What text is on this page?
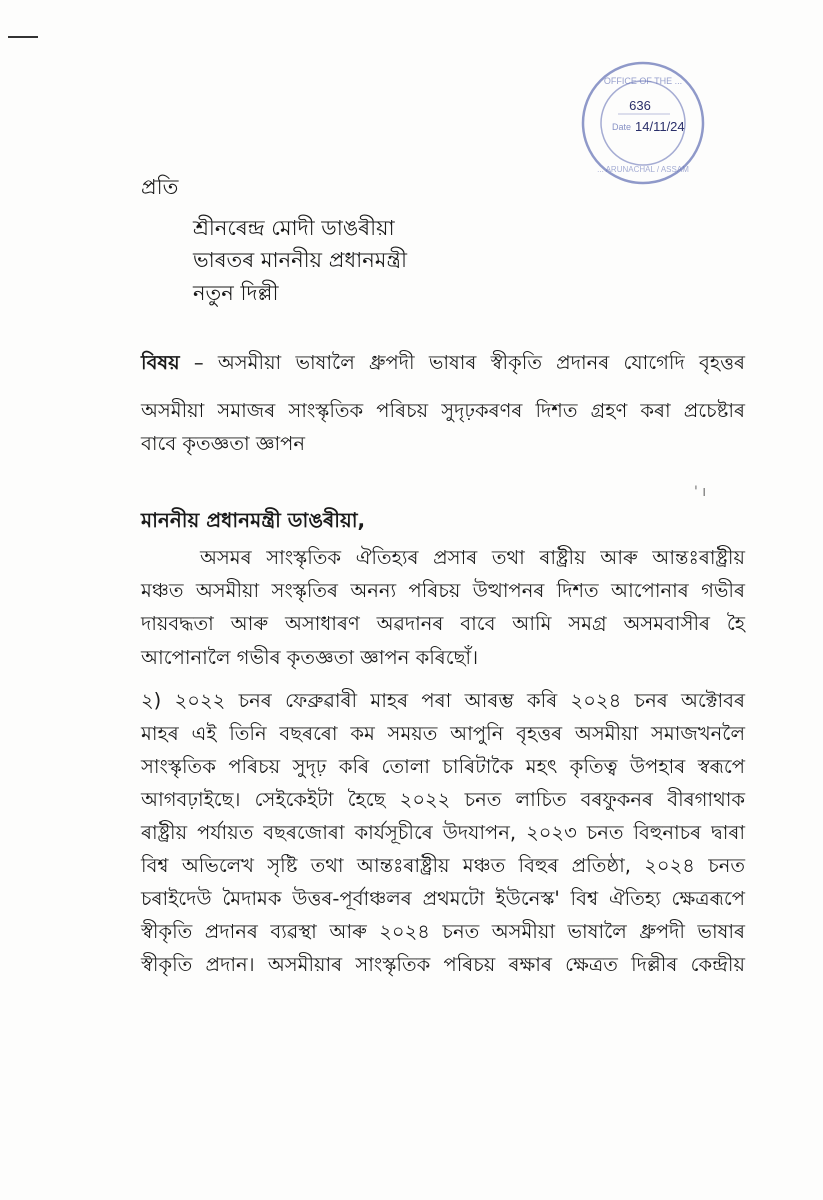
OFFICE OF THE ...
... ARUNACHAL / ASSAM
636
Date 14/11/24
প্ৰতি
শ্ৰীনৰেন্দ্ৰ মোদী ডাঙৰীয়া
ভাৰতৰ মাননীয় প্ৰধানমন্ত্ৰী
নতুন দিল্লী
বিষয় – অসমীয়া ভাষালৈ ধ্ৰুপদী ভাষাৰ স্বীকৃতি প্ৰদানৰ যোগেদি বৃহত্তৰ
অসমীয়া সমাজৰ সাংস্কৃতিক পৰিচয় সুদৃঢ়কৰণৰ দিশত গ্ৰহণ কৰা প্ৰচেষ্টাৰ
বাবে কৃতজ্ঞতা জ্ঞাপন
' ı
মাননীয় প্ৰধানমন্ত্ৰী ডাঙৰীয়া,
অসমৰ সাংস্কৃতিক ঐতিহ্যৰ প্ৰসাৰ তথা ৰাষ্ট্ৰীয় আৰু আন্তঃৰাষ্ট্ৰীয়
মঞ্চত অসমীয়া সংস্কৃতিৰ অনন্য পৰিচয় উত্থাপনৰ দিশত আপোনাৰ গভীৰ
দায়বদ্ধতা আৰু অসাধাৰণ অৱদানৰ বাবে আমি সমগ্ৰ অসমবাসীৰ হৈ
আপোনালৈ গভীৰ কৃতজ্ঞতা জ্ঞাপন কৰিছোঁ।
২) ২০২২ চনৰ ফেব্ৰুৱাৰী মাহৰ পৰা আৰম্ভ কৰি ২০২৪ চনৰ অক্টোবৰ
মাহৰ এই তিনি বছৰৰো কম সময়ত আপুনি বৃহত্তৰ অসমীয়া সমাজখনলৈ
সাংস্কৃতিক পৰিচয় সুদৃঢ় কৰি তোলা চাৰিটাকৈ মহৎ কৃতিত্ব উপহাৰ স্বৰূপে
আগবঢ়াইছে। সেইকেইটা হৈছে ২০২২ চনত লাচিত বৰফুকনৰ বীৰগাথাক
ৰাষ্ট্ৰীয় পৰ্যায়ত বছৰজোৰা কাৰ্যসূচীৰে উদযাপন, ২০২৩ চনত বিহুনাচৰ দ্বাৰা
বিশ্ব অভিলেখ সৃষ্টি তথা আন্তঃৰাষ্ট্ৰীয় মঞ্চত বিহুৰ প্ৰতিষ্ঠা, ২০২৪ চনত
চৰাইদেউ মৈদামক উত্তৰ-পূৰ্বাঞ্চলৰ প্ৰথমটো ইউনেস্ক' বিশ্ব ঐতিহ্য ক্ষেত্ৰৰূপে
স্বীকৃতি প্ৰদানৰ ব্যৱস্থা আৰু ২০২৪ চনত অসমীয়া ভাষালৈ ধ্ৰুপদী ভাষাৰ
স্বীকৃতি প্ৰদান। অসমীয়াৰ সাংস্কৃতিক পৰিচয় ৰক্ষাৰ ক্ষেত্ৰত দিল্লীৰ কেন্দ্ৰীয়
